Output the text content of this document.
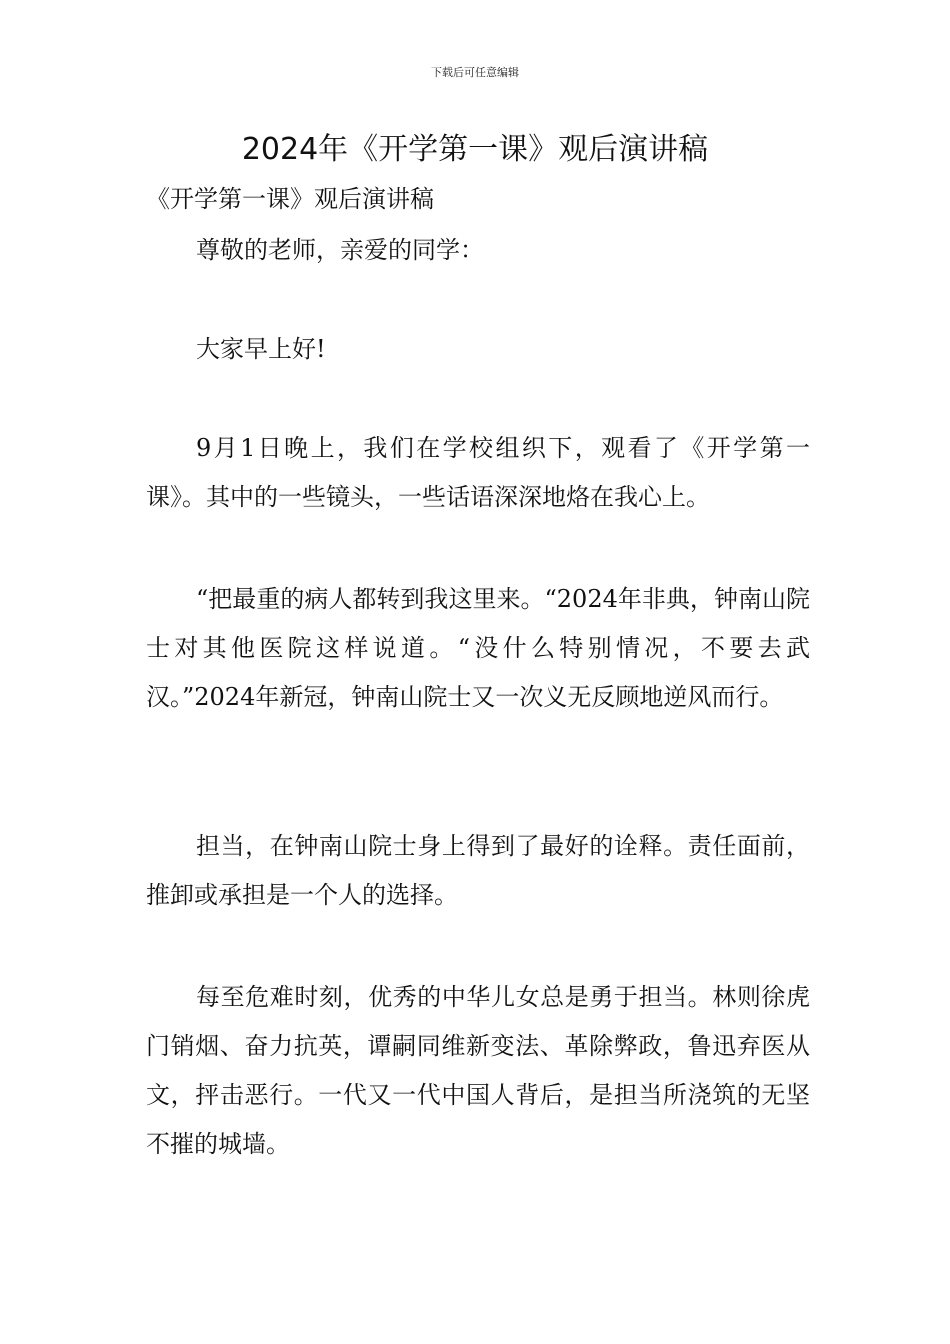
下载后可任意编辑
2024年《开学第一课》观后演讲稿
《开学第一课》观后演讲稿

尊敬的老师，亲爱的同学：

大家早上好!

9月1日晚上，我们在学校组织下，观看了《开学第一课》。其中的一些镜头，一些话语深深地烙在我心上。

“把最重的病人都转到我这里来。“2024年非典，钟南山院士对其他医院这样说道。“没什么特别情况，不要去武汉。”2024年新冠，钟南山院士又一次义无反顾地逆风而行。

担当，在钟南山院士身上得到了最好的诠释。责任面前，推卸或承担是一个人的选择。

每至危难时刻，优秀的中华儿女总是勇于担当。林则徐虎门销烟、奋力抗英，谭嗣同维新变法、革除弊政，鲁迅弃医从文，抨击恶行。一代又一代中国人背后，是担当所浇筑的无坚不摧的城墙。
